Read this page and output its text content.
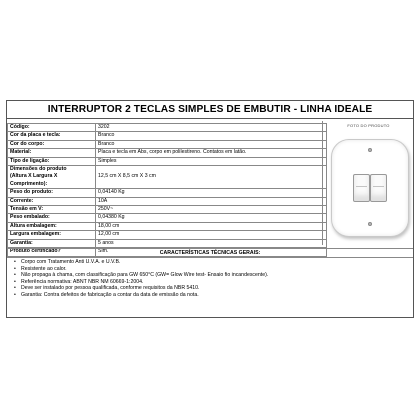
INTERRUPTOR 2 TECLAS SIMPLES DE EMBUTIR - LINHA IDEALE
Código:	3202
Cor da placa e tecla:	Branco
Cor do corpo:	Branco
Material:	Placa e tecla em Abs, corpo em polilestireno. Contatos em latão.
Tipo de ligação:	Simples
Dimensões do produto
(Altura X Largura X Comprimento):	12,5 cm X 8,5 cm X 3 cm
Peso do produto:	0,04140 Kg
Corrente:	10A
Tensão em V:	250V~
Peso embalado:	0,04380 Kg
Altura embalagem:	18,00 cm
Largura embalagem:	12,00 cm
Garantia:	5 anos
Produto certificado?	Sim.
FOTO DO PRODUTO
CARACTERÍSTICAS TÉCNICAS GERAIS:
• Corpo com Tratamento Anti U.V.A. e U.V.B.
• Resistente ao calor.
• Não propaga à chama, com classificação para GW 650°C (GW= Glow Wire test- Ensaio fio incandescente).
• Referência normativa: ABNT NBR NM 60669-1:2004.
• Deve ser instalado por pessoa qualificada, conforme requisitos da NBR 5410.
• Garantia: Contra defeitos de fabricação a contar da data de emissão da nota.
